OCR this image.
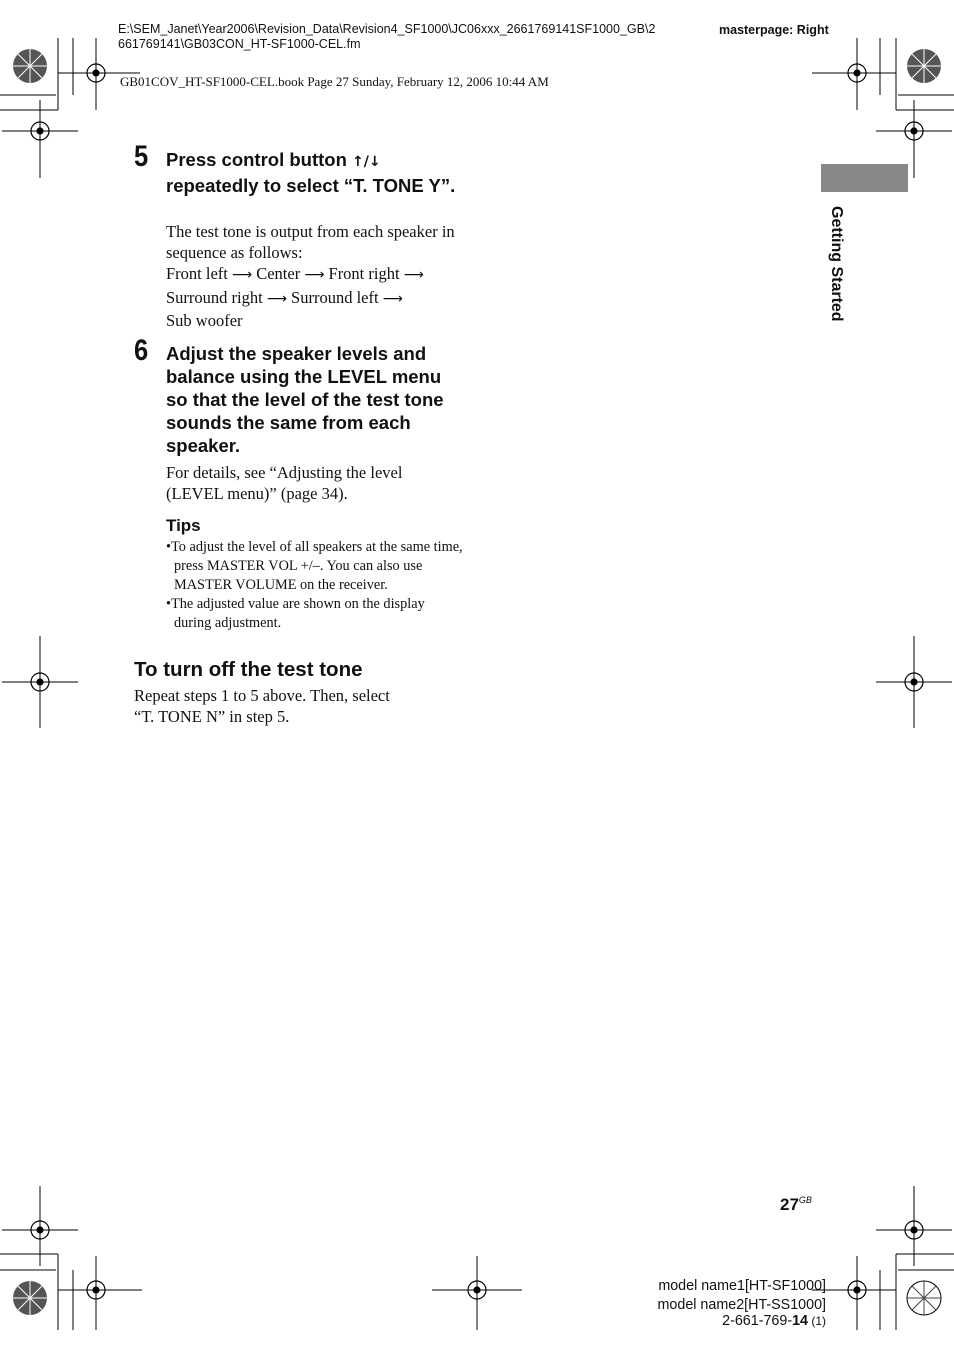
E:\SEM_Janet\Year2006\Revision_Data\Revision4_SF1000\JC06xxx_2661769141SF1000_GB\2
661769141\GB03CON_HT-SF1000-CEL.fm
masterpage: Right
GB01COV_HT-SF1000-CEL.book Page 27 Sunday, February 12, 2006 10:44 AM
Getting Started
5 Press control button ↑/↓ repeatedly to select “T. TONE Y”.
The test tone is output from each speaker in sequence as follows:
Front left ⟶ Center ⟶ Front right ⟶
Surround right ⟶ Surround left ⟶
Sub woofer
6 Adjust the speaker levels and balance using the LEVEL menu so that the level of the test tone sounds the same from each speaker.
For details, see “Adjusting the level (LEVEL menu)” (page 34).
Tips
•To adjust the level of all speakers at the same time, press MASTER VOL +/–. You can also use MASTER VOLUME on the receiver.
•The adjusted value are shown on the display during adjustment.
To turn off the test tone
Repeat steps 1 to 5 above. Then, select “T. TONE N” in step 5.
$27^{GB}$
model name1[HT-SF1000]
model name2[HT-SS1000]
2-661-769-14 (1)
